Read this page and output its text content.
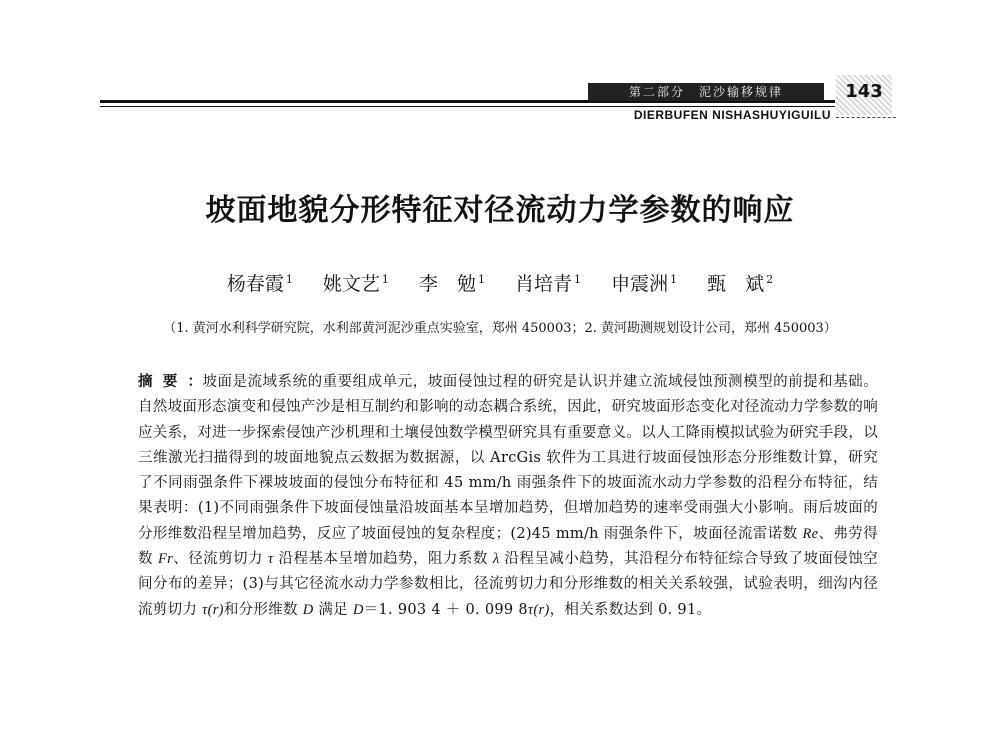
第二部分　泥沙输移规律
DIERBUFEN NISHASHUYIGUILU
143
坡面地貌分形特征对径流动力学参数的响应
杨春霞 $^1$ 姚文艺 $^1$ 李　勉 $^1$ 肖培青 $^1$ 申震洲 $^1$ 甄　斌 $^2$
（1. 黄河水利科学研究院，水利部黄河泥沙重点实验室，郑州 450003；2. 黄河勘测规划设计公司，郑州 450003）
摘要：坡面是流域系统的重要组成单元，坡面侵蚀过程的研究是认识并建立流域侵蚀预测模型的前提和基础。自然坡面形态演变和侵蚀产沙是相互制约和影响的动态耦合系统，因此，研究坡面形态变化对径流动力学参数的响应关系，对进一步探索侵蚀产沙机理和土壤侵蚀数学模型研究具有重要意义。以人工降雨模拟试验为研究手段，以三维激光扫描得到的坡面地貌点云数据为数据源，以 ArcGis 软件为工具进行坡面侵蚀形态分形维数计算，研究了不同雨强条件下裸坡坡面的侵蚀分布特征和 45 mm/h 雨强条件下的坡面流水动力学参数的沿程分布特征，结果表明：(1)不同雨强条件下坡面侵蚀量沿坡面基本呈增加趋势，但增加趋势的速率受雨强大小影响。雨后坡面的分形维数沿程呈增加趋势，反应了坡面侵蚀的复杂程度；(2)45 mm/h 雨强条件下，坡面径流雷诺数 Re、弗劳得数 Fr、径流剪切力 τ 沿程基本呈增加趋势，阻力系数 λ 沿程呈减小趋势，其沿程分布特征综合导致了坡面侵蚀空间分布的差异；(3)与其它径流水动力学参数相比，径流剪切力和分形维数的相关关系较强，试验表明，细沟内径流剪切力 τ(r)和分形维数 D 满足 D＝1. 903 4 ＋ 0. 099 8τ(r)，相关系数达到 0. 91。
